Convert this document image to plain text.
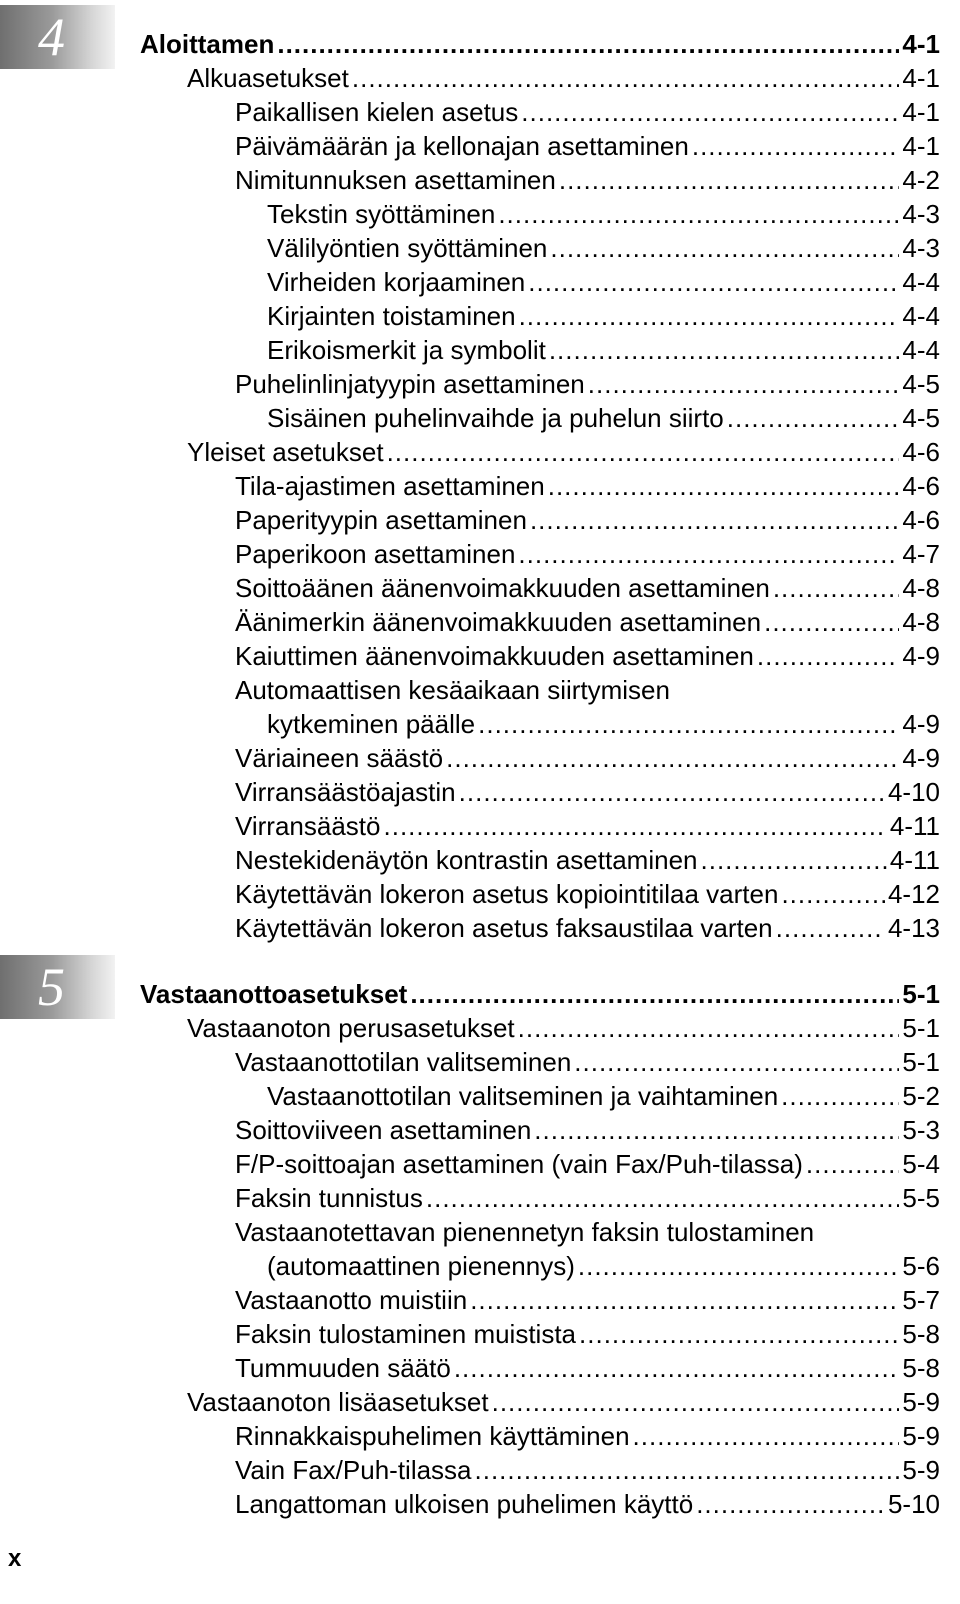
4
5
Aloittamen .....	4-1
Alkuasetukset .....	4-1
Paikallisen kielen asetus .....	4-1
Päivämäärän ja kellonajan asettaminen .....	4-1
Nimitunnuksen asettaminen .....	4-2
Tekstin syöttäminen .....	4-3
Välilyöntien syöttäminen .....	4-3
Virheiden korjaaminen .....	4-4
Kirjainten toistaminen .....	4-4
Erikoismerkit ja symbolit .....	4-4
Puhelinlinjatyypin asettaminen .....	4-5
Sisäinen puhelinvaihde ja puhelun siirto .....	4-5
Yleiset asetukset .....	4-6
Tila-ajastimen asettaminen .....	4-6
Paperityypin asettaminen .....	4-6
Paperikoon asettaminen .....	4-7
Soittoäänen äänenvoimakkuuden asettaminen .....	4-8
Äänimerkin äänenvoimakkuuden asettaminen .....	4-8
Kaiuttimen äänenvoimakkuuden asettaminen .....	4-9
Automaattisen kesäaikaan siirtymisen
kytkeminen päälle .....	4-9
Väriaineen säästö .....	4-9
Virransäästöajastin .....	4-10
Virransäästö .....	4-11
Nestekidenäytön kontrastin asettaminen .....	4-11
Käytettävän lokeron asetus kopiointitilaa varten .....	4-12
Käytettävän lokeron asetus faksaustilaa varten .....	4-13
Vastaanottoasetukset .....	5-1
Vastaanoton perusasetukset .....	5-1
Vastaanottotilan valitseminen .....	5-1
Vastaanottotilan valitseminen ja vaihtaminen .....	5-2
Soittoviiveen asettaminen .....	5-3
F/P-soittoajan asettaminen (vain Fax/Puh-tilassa) .....	5-4
Faksin tunnistus .....	5-5
Vastaanotettavan pienennetyn faksin tulostaminen
(automaattinen pienennys) .....	5-6
Vastaanotto muistiin .....	5-7
Faksin tulostaminen muistista .....	5-8
Tummuuden säätö .....	5-8
Vastaanoton lisäasetukset .....	5-9
Rinnakkaispuhelimen käyttäminen .....	5-9
Vain Fax/Puh-tilassa .....	5-9
Langattoman ulkoisen puhelimen käyttö .....	5-10
x
